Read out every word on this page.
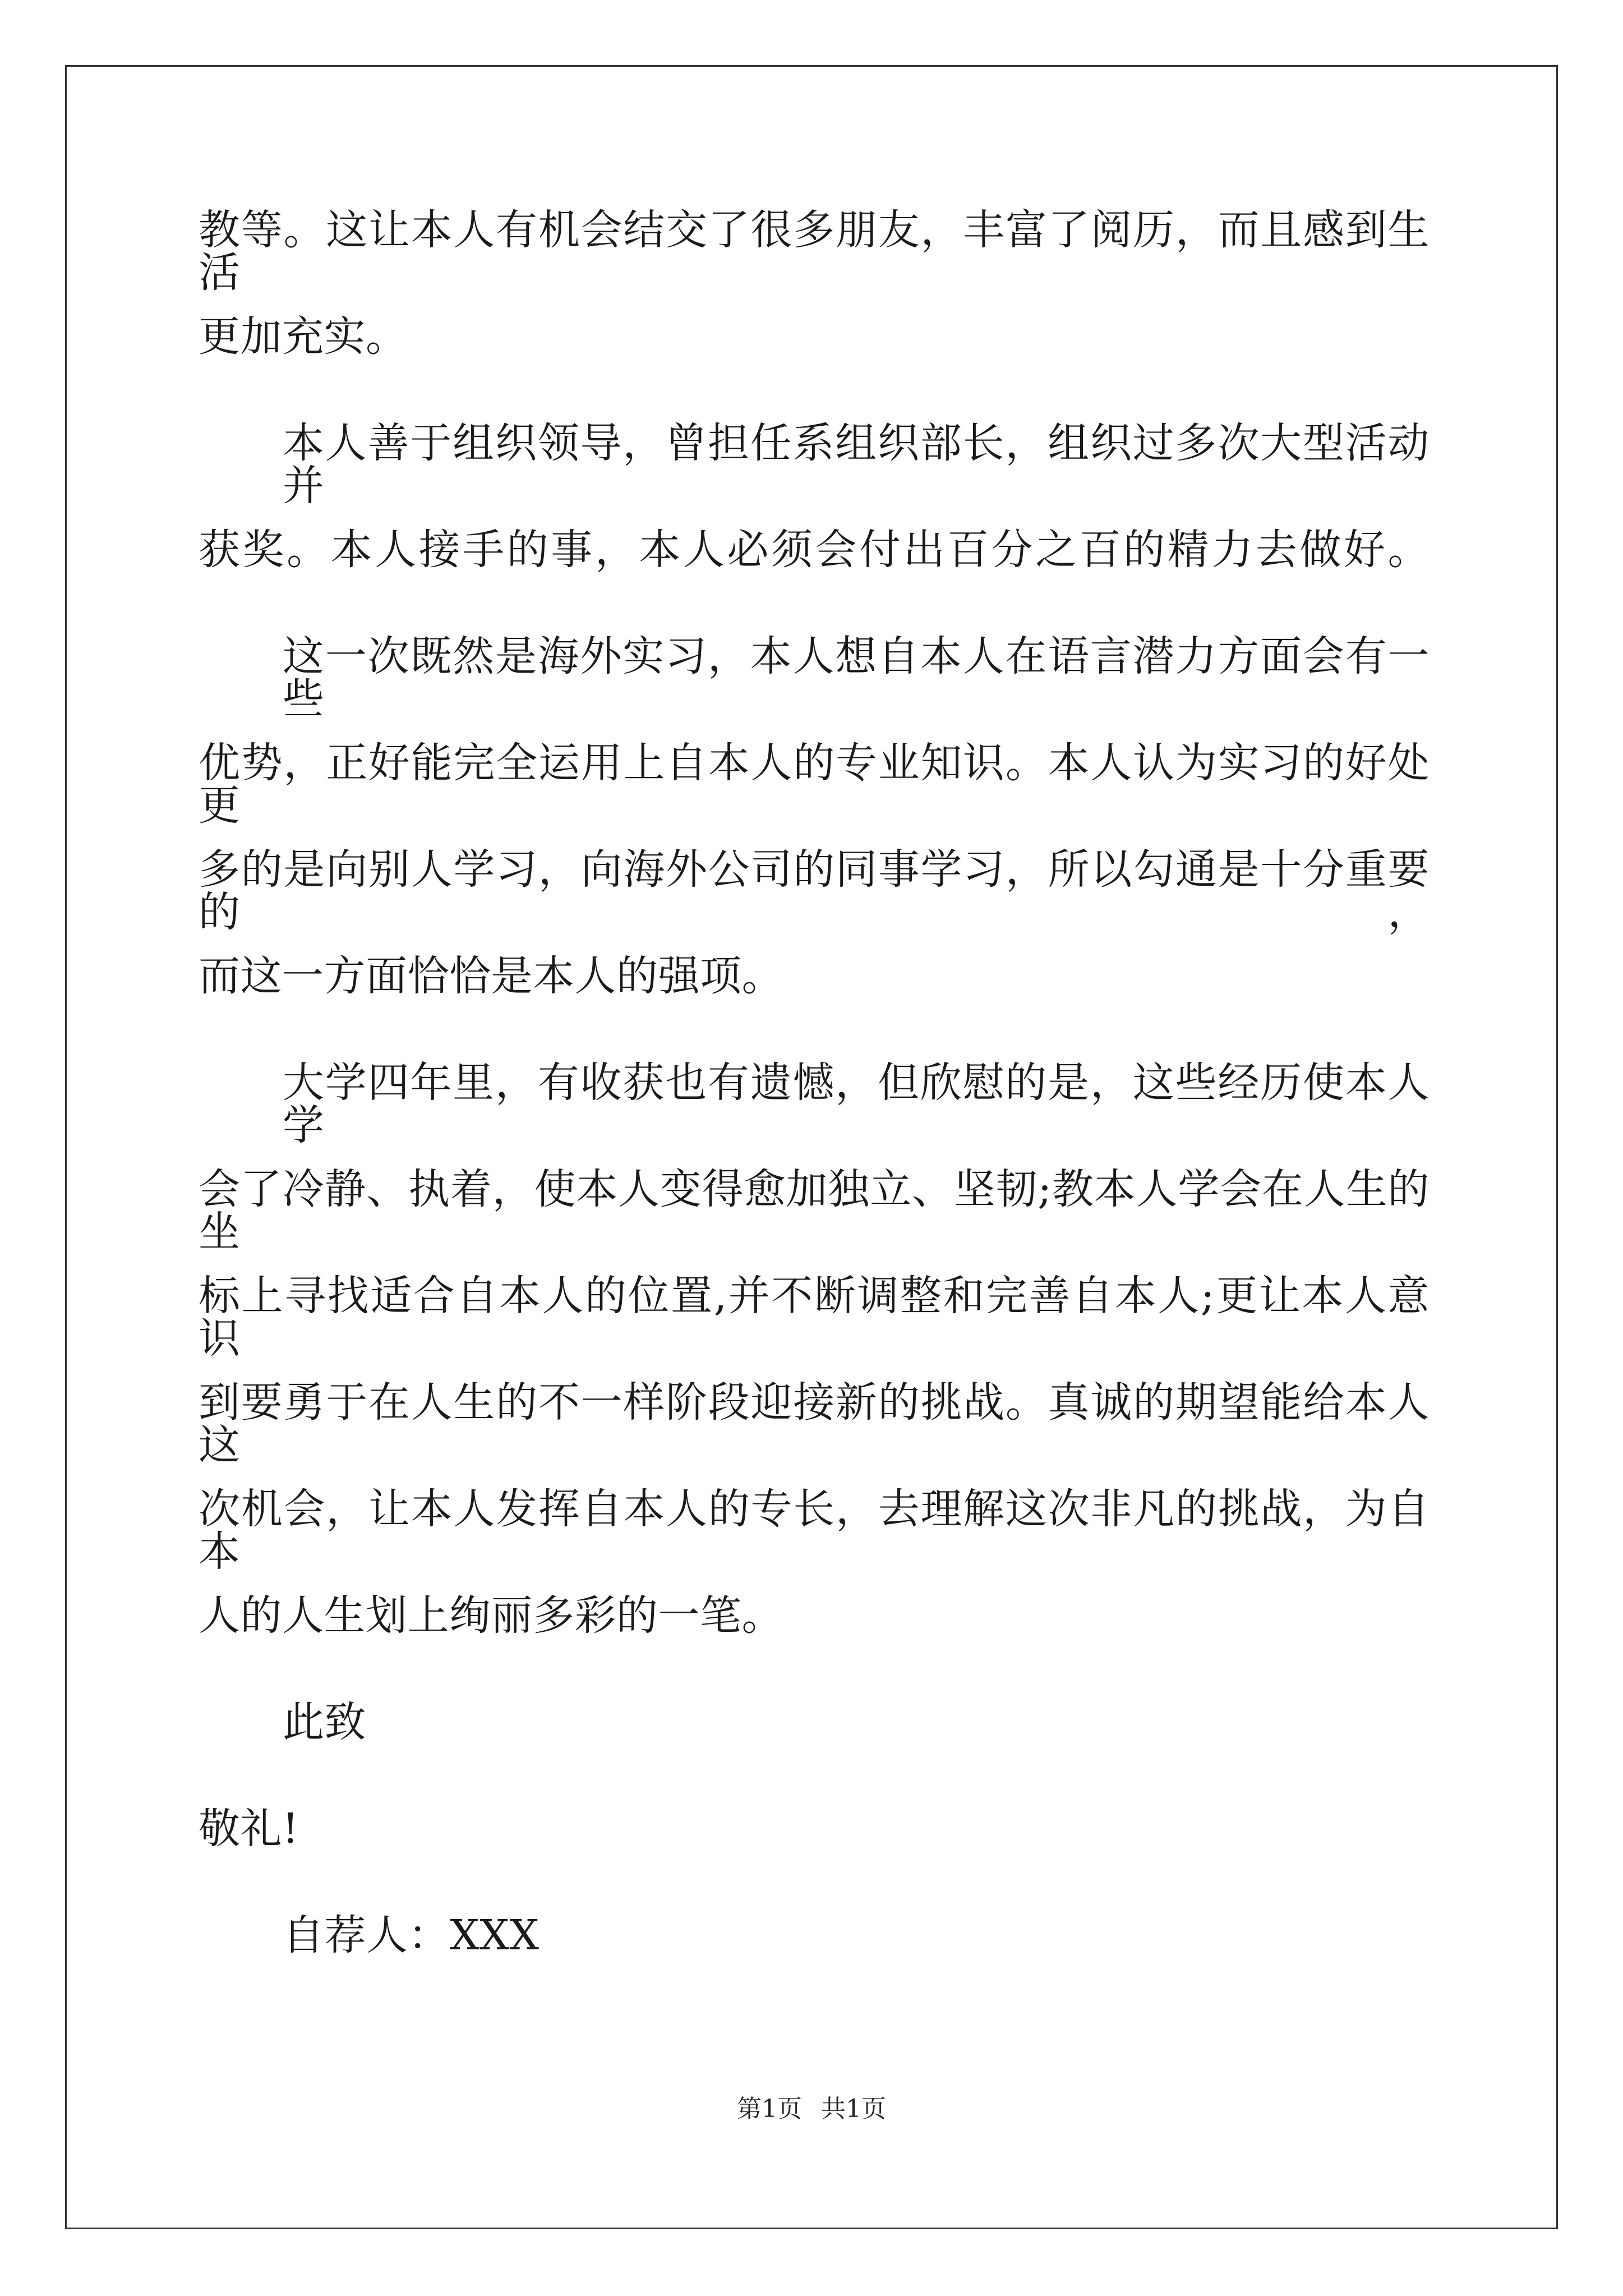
教等。这让本人有机会结交了很多朋友，丰富了阅历，而且感到生活
更加充实。
本人善于组织领导，曾担任系组织部长，组织过多次大型活动并
获奖。本人接手的事，本人必须会付出百分之百的精力去做好。
这一次既然是海外实习，本人想自本人在语言潜力方面会有一些
优势，正好能完全运用上自本人的专业知识。本人认为实习的好处更
多的是向别人学习，向海外公司的同事学习，所以勾通是十分重要的，
而这一方面恰恰是本人的强项。
大学四年里，有收获也有遗憾，但欣慰的是，这些经历使本人学
会了冷静、执着，使本人变得愈加独立、坚韧;教本人学会在人生的坐
标上寻找适合自本人的位置,并不断调整和完善自本人;更让本人意识
到要勇于在人生的不一样阶段迎接新的挑战。真诚的期望能给本人这
次机会，让本人发挥自本人的专长，去理解这次非凡的挑战，为自本
人的人生划上绚丽多彩的一笔。
此致
敬礼!
自荐人：XXX
第1页 共1页
